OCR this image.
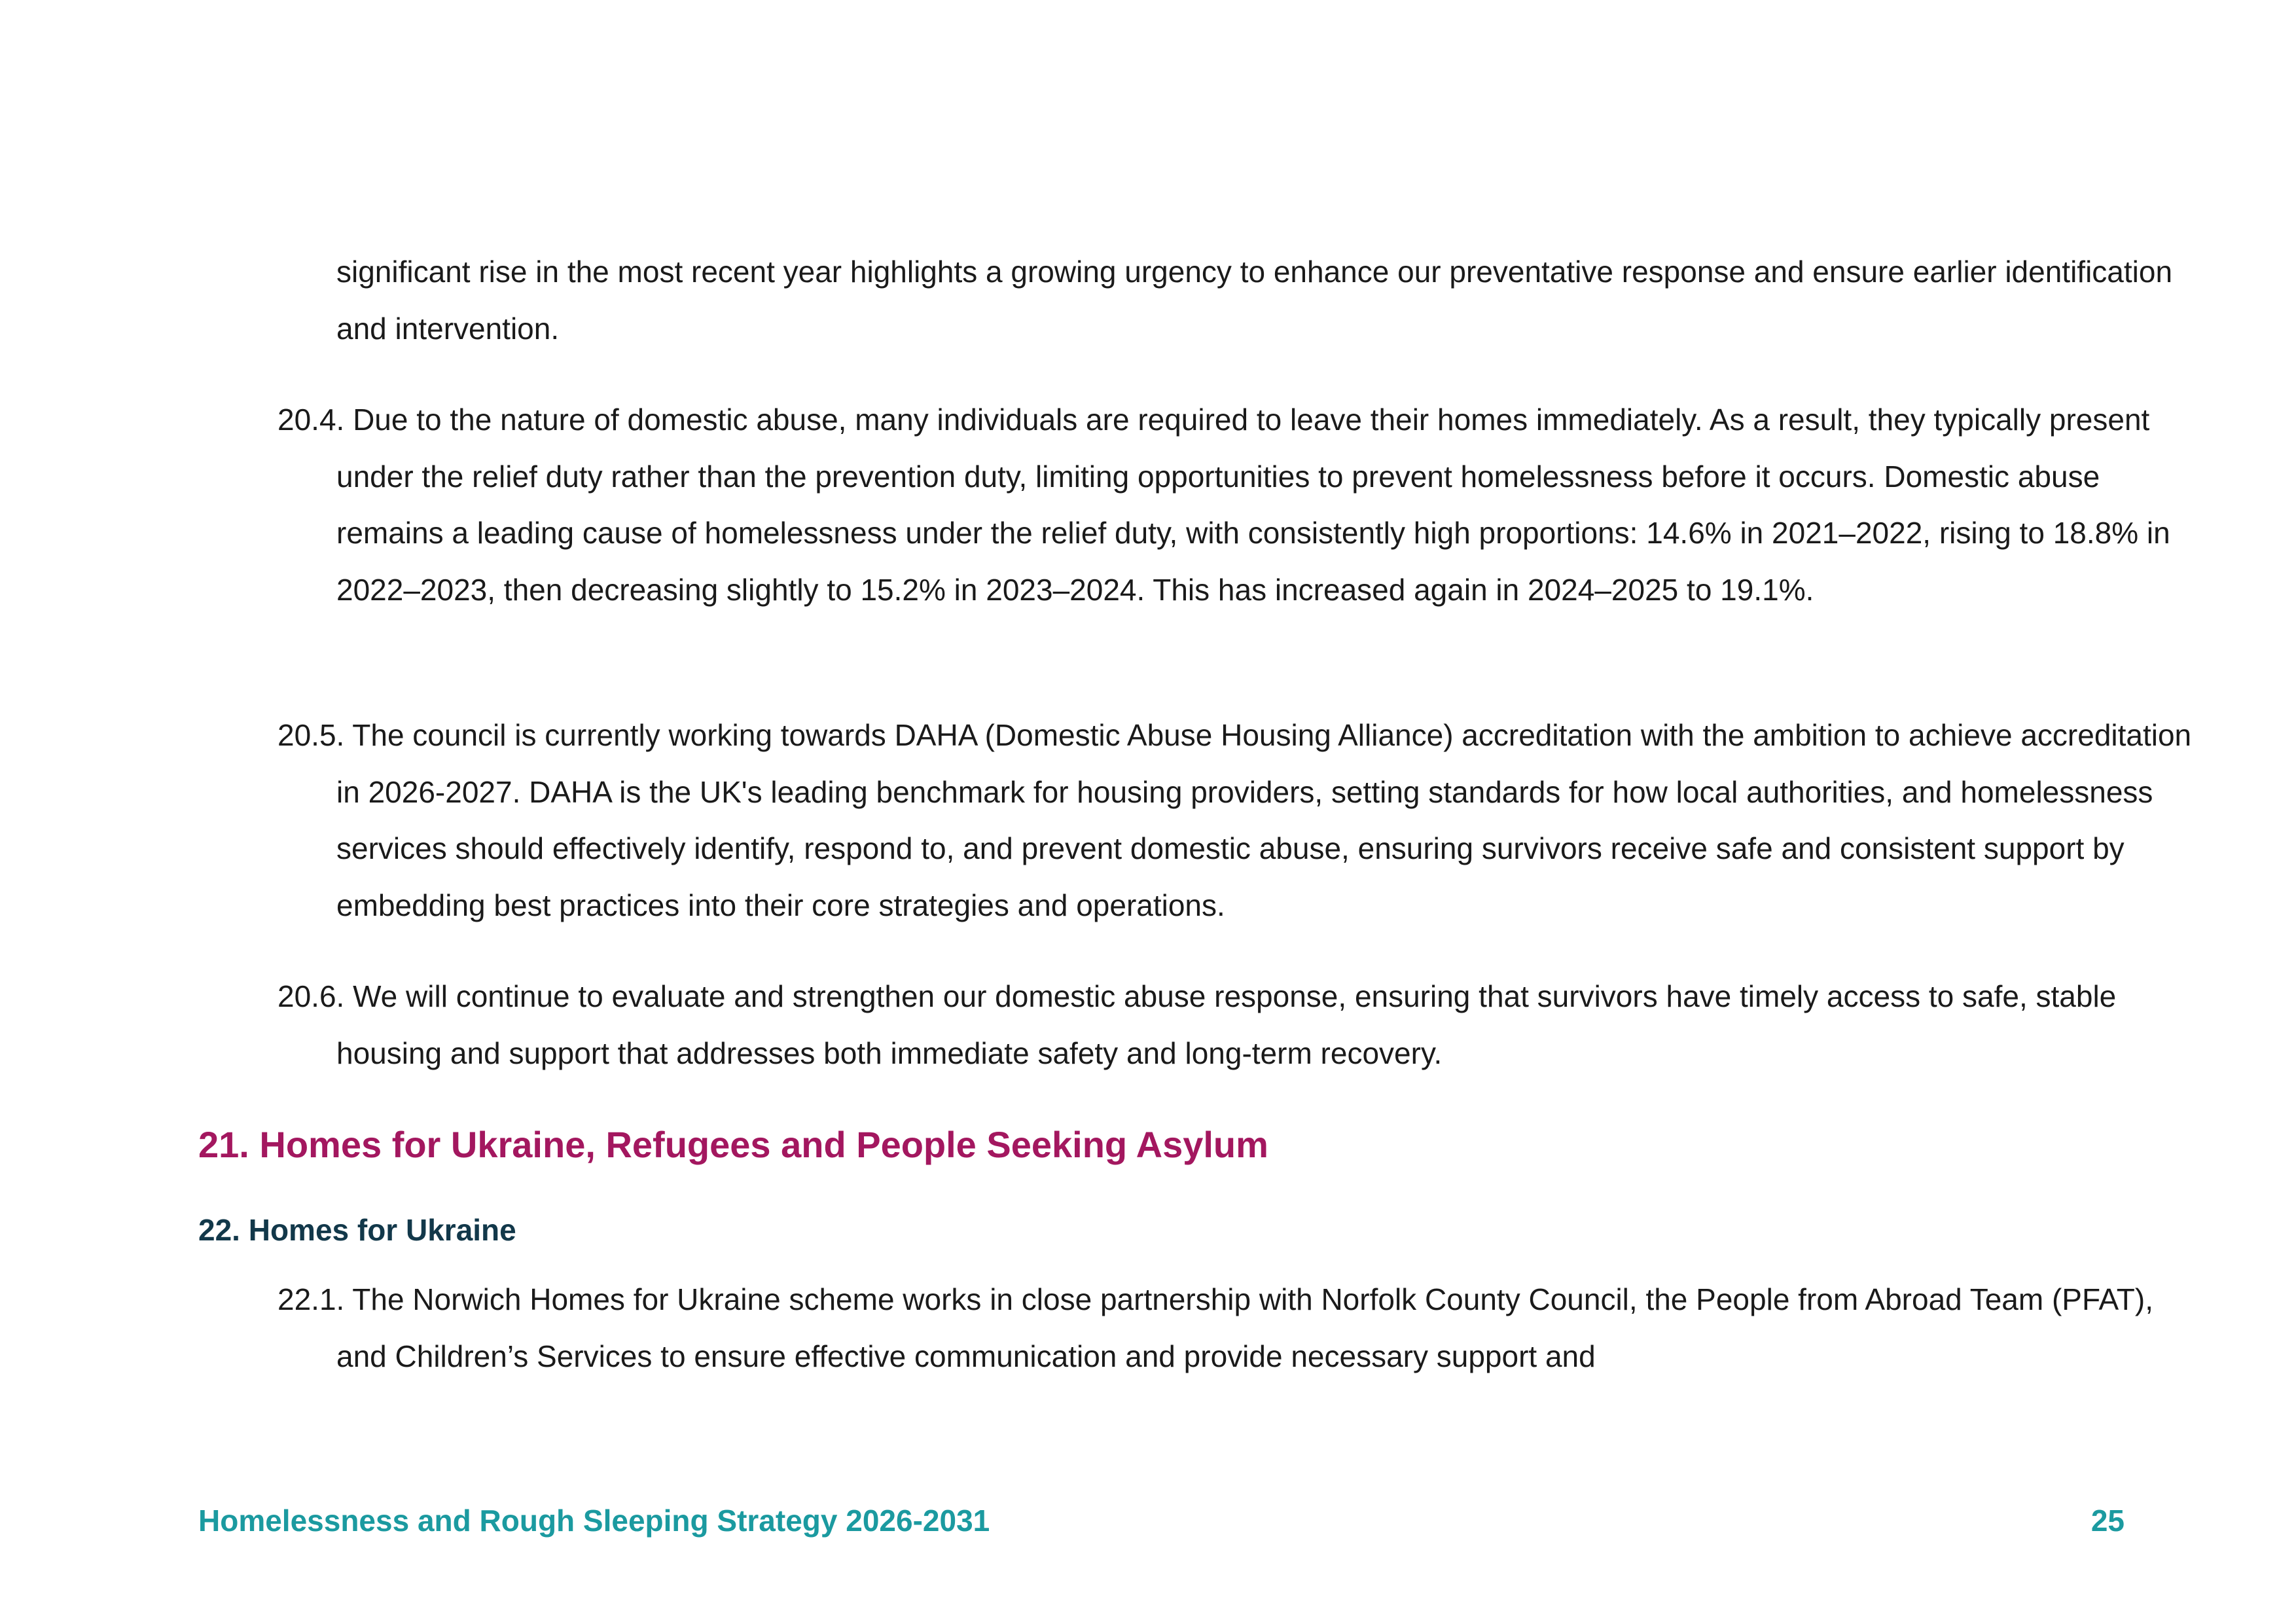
significant rise in the most recent year highlights a growing urgency to enhance our preventative response and ensure earlier identification and intervention.

20.4. Due to the nature of domestic abuse, many individuals are required to leave their homes immediately. As a result, they typically present under the relief duty rather than the prevention duty, limiting opportunities to prevent homelessness before it occurs. Domestic abuse remains a leading cause of homelessness under the relief duty, with consistently high proportions: 14.6% in 2021–2022, rising to 18.8% in 2022–2023, then decreasing slightly to 15.2% in 2023–2024. This has increased again in 2024–2025 to 19.1%.

20.5. The council is currently working towards DAHA (Domestic Abuse Housing Alliance) accreditation with the ambition to achieve accreditation in 2026-2027. DAHA is the UK's leading benchmark for housing providers, setting standards for how local authorities, and homelessness services should effectively identify, respond to, and prevent domestic abuse, ensuring survivors receive safe and consistent support by embedding best practices into their core strategies and operations.

20.6. We will continue to evaluate and strengthen our domestic abuse response, ensuring that survivors have timely access to safe, stable housing and support that addresses both immediate safety and long-term recovery.

21. Homes for Ukraine, Refugees and People Seeking Asylum
22. Homes for Ukraine

22.1. The Norwich Homes for Ukraine scheme works in close partnership with Norfolk County Council, the People from Abroad Team (PFAT), and Children’s Services to ensure effective communication and provide necessary support and

Homelessness and Rough Sleeping Strategy 2026-2031	25
